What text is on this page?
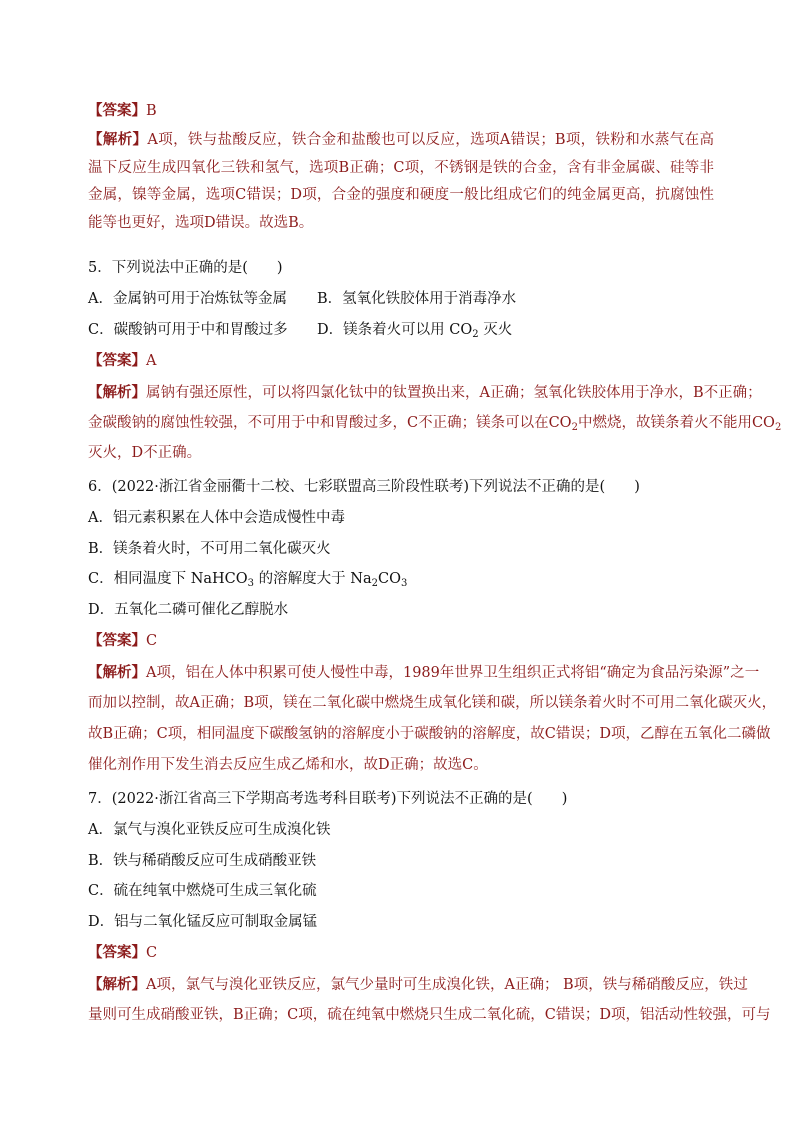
【答案】B
【解析】A项，铁与盐酸反应，铁合金和盐酸也可以反应，选项A错误；B项，铁粉和水蒸气在高温下反应生成四氧化三铁和氢气，选项B正确；C项，不锈钢是铁的合金，含有非金属碳、硅等非金属，镍等金属，选项C错误；D项，合金的强度和硬度一般比组成它们的纯金属更高，抗腐蚀性能等也更好，选项D错误。故选B。
5．下列说法中正确的是(　　)
A．金属钠可用于冶炼钛等金属 B．氢氧化铁胶体用于消毒净水
C．碳酸钠可用于中和胃酸过多 D．镁条着火可以用 $CO_2$ 灭火
【答案】A
【解析】属钠有强还原性，可以将四氯化钛中的钛置换出来，A正确；氢氧化铁胶体用于净水，B不正确；
金碳酸钠的腐蚀性较强，不可用于中和胃酸过多，C不正确；镁条可以在$CO_2$中燃烧，故镁条着火不能用$CO_2$
灭火，D不正确。
6．(2022·浙江省金丽衢十二校、七彩联盟高三阶段性联考)下列说法不正确的是(　　)
A．铝元素积累在人体中会造成慢性中毒
B．镁条着火时，不可用二氧化碳灭火
C．相同温度下 NaHCO$_3$ 的溶解度大于 $Na_2CO_3$
D．五氧化二磷可催化乙醇脱水
【答案】C
【解析】A项，铝在人体中积累可使人慢性中毒，1989年世界卫生组织正式将铝“确定为食品污染源”之一
而加以控制，故A正确；B项，镁在二氧化碳中燃烧生成氧化镁和碳，所以镁条着火时不可用二氧化碳灭火，
故B正确；C项，相同温度下碳酸氢钠的溶解度小于碳酸钠的溶解度，故C错误；D项，乙醇在五氧化二磷做
催化剂作用下发生消去反应生成乙烯和水，故D正确；故选C。
7．(2022·浙江省高三下学期高考选考科目联考)下列说法不正确的是(　　)
A．氯气与溴化亚铁反应可生成溴化铁
B．铁与稀硝酸反应可生成硝酸亚铁
C．硫在纯氧中燃烧可生成三氧化硫
D．铝与二氧化锰反应可制取金属锰
【答案】C
【解析】A项，氯气与溴化亚铁反应，氯气少量时可生成溴化铁，A正确； B项，铁与稀硝酸反应，铁过
量则可生成硝酸亚铁，B正确；C项，硫在纯氧中燃烧只生成二氧化硫，C错误；D项，铝活动性较强，可与
